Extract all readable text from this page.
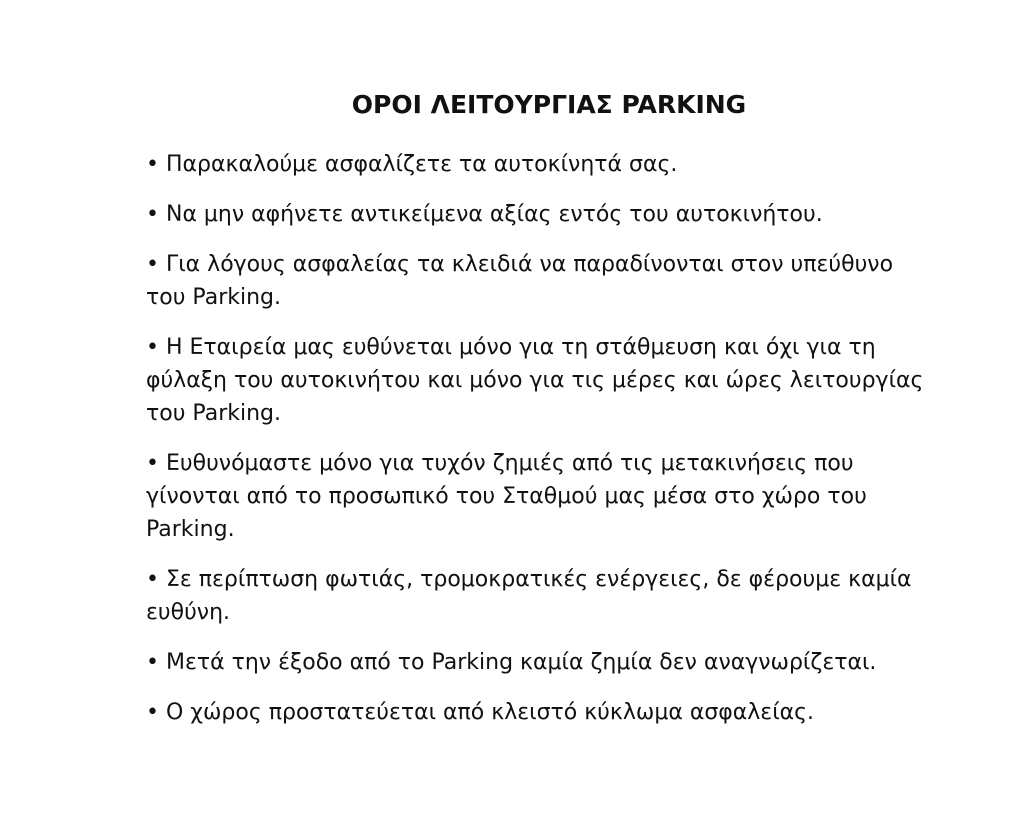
ΟΡΟΙ ΛΕΙΤΟΥΡΓΙΑΣ PARKING
• Παρακαλούμε ασφαλίζετε τα αυτοκίνητά σας.
• Να μην αφήνετε αντικείμενα αξίας εντός του αυτοκινήτου.
• Για λόγους ασφαλείας τα κλειδιά να παραδίνονται στον υπεύθυνο του Parking.
• Η Εταιρεία μας ευθύνεται μόνο για τη στάθμευση και όχι για τη φύλαξη του αυτοκινήτου και μόνο για τις μέρες και ώρες λειτουργίας του Parking.
• Ευθυνόμαστε μόνο για τυχόν ζημιές από τις μετακινήσεις που γίνονται από το προσωπικό του Σταθμού μας μέσα στο χώρο του Parking.
• Σε περίπτωση φωτιάς, τρομοκρατικές ενέργειες, δε φέρουμε καμία ευθύνη.
• Μετά την έξοδο από το Parking καμία ζημία δεν αναγνωρίζεται.
• Ο χώρος προστατεύεται από κλειστό κύκλωμα ασφαλείας.
